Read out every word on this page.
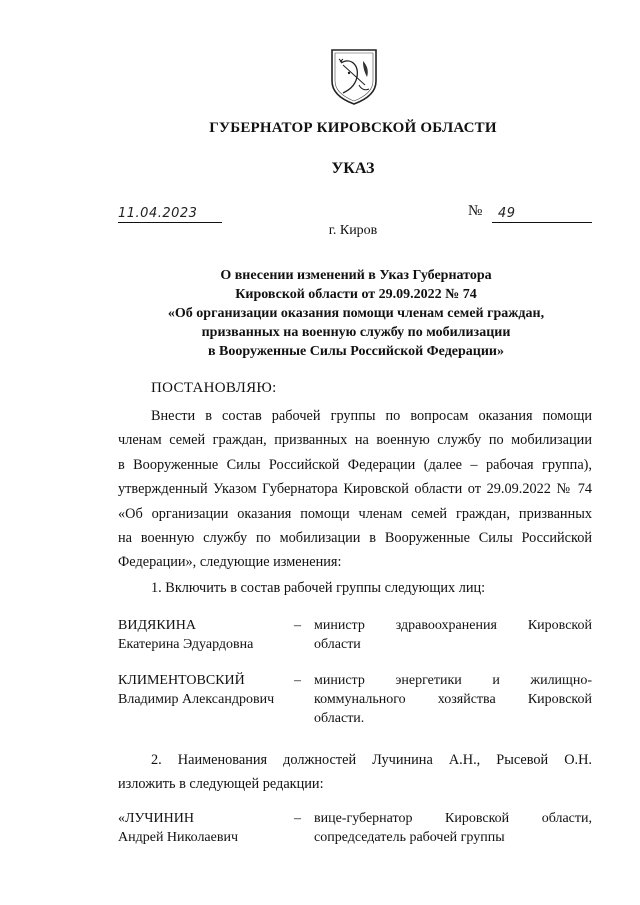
ГУБЕРНАТОР КИРОВСКОЙ ОБЛАСТИ
УКАЗ
11.04.2023	№	49
г. Киров
О внесении изменений в Указ Губернатора
Кировской области от 29.09.2022 № 74
«Об организации оказания помощи членам семей граждан,
призванных на военную службу по мобилизации
в Вооруженные Силы Российской Федерации»
ПОСТАНОВЛЯЮ:
Внести в состав рабочей группы по вопросам оказания помощи
членам семей граждан, призванных на военную службу по мобилизации
в Вооруженные Силы Российской Федерации (далее – рабочая группа),
утвержденный Указом Губернатора Кировской области от 29.09.2022 № 74
«Об организации оказания помощи членам семей граждан, призванных
на военную службу по мобилизации в Вооруженные Силы Российской
Федерации», следующие изменения:
1. Включить в состав рабочей группы следующих лиц:
ВИДЯКИНА
Екатерина Эдуардовна
– министр здравоохранения Кировской
области
КЛИМЕНТОВСКИЙ
Владимир Александрович
– министр энергетики и жилищно-
коммунального хозяйства Кировской
области.
2. Наименования должностей Лучинина А.Н., Рысевой О.Н.
изложить в следующей редакции:
«ЛУЧИНИН
Андрей Николаевич
– вице-губернатор Кировской области,
сопредседатель рабочей группы
